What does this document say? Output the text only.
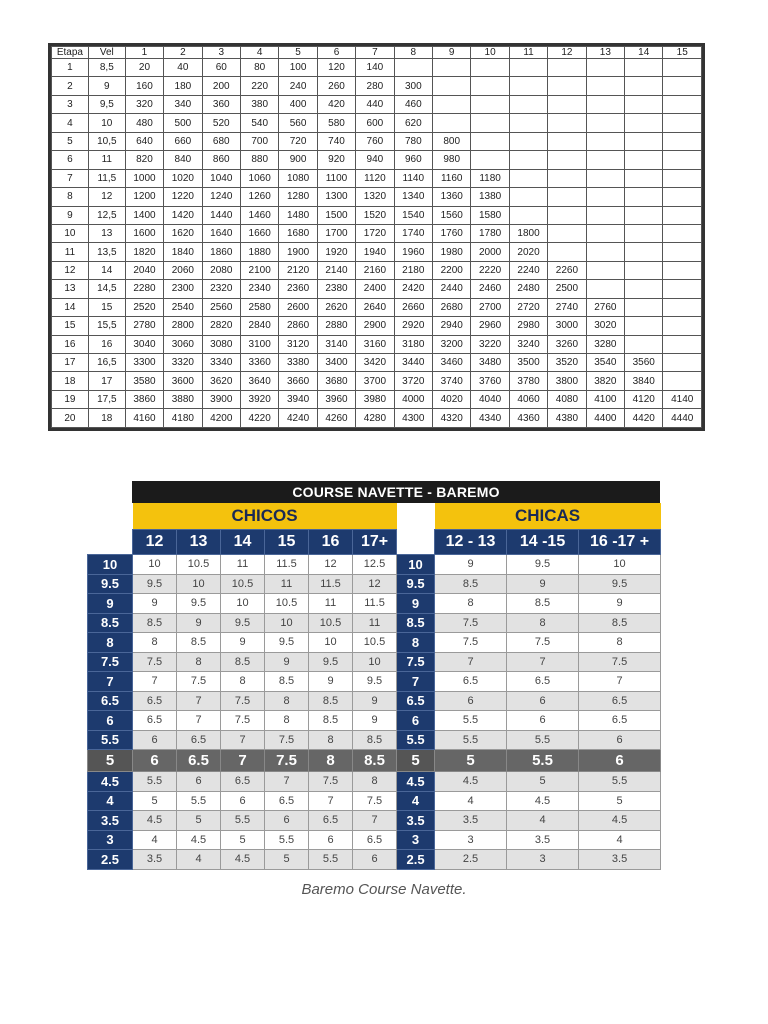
Etapa	Vel	1	2	3	4	5	6	7	8	9	10	11	12	13	14	15
1	8,5	20	40	60	80	100	120	140								
2	9	160	180	200	220	240	260	280	300							
3	9,5	320	340	360	380	400	420	440	460							
4	10	480	500	520	540	560	580	600	620							
5	10,5	640	660	680	700	720	740	760	780	800						
6	11	820	840	860	880	900	920	940	960	980						
7	11,5	1000	1020	1040	1060	1080	1100	1120	1140	1160	1180					
8	12	1200	1220	1240	1260	1280	1300	1320	1340	1360	1380					
9	12,5	1400	1420	1440	1460	1480	1500	1520	1540	1560	1580					
10	13	1600	1620	1640	1660	1680	1700	1720	1740	1760	1780	1800				
11	13,5	1820	1840	1860	1880	1900	1920	1940	1960	1980	2000	2020				
12	14	2040	2060	2080	2100	2120	2140	2160	2180	2200	2220	2240	2260			
13	14,5	2280	2300	2320	2340	2360	2380	2400	2420	2440	2460	2480	2500			
14	15	2520	2540	2560	2580	2600	2620	2640	2660	2680	2700	2720	2740	2760		
15	15,5	2780	2800	2820	2840	2860	2880	2900	2920	2940	2960	2980	3000	3020		
16	16	3040	3060	3080	3100	3120	3140	3160	3180	3200	3220	3240	3260	3280		
17	16,5	3300	3320	3340	3360	3380	3400	3420	3440	3460	3480	3500	3520	3540	3560	
18	17	3580	3600	3620	3640	3660	3680	3700	3720	3740	3760	3780	3800	3820	3840	
19	17,5	3860	3880	3900	3920	3940	3960	3980	4000	4020	4040	4060	4080	4100	4120	4140
20	18	4160	4180	4200	4220	4240	4260	4280	4300	4320	4340	4360	4380	4400	4420	4440
COURSE NAVETTE - BAREMO
	CHICOS							CHICAS		
	12	13	14	15	16	17+		12 - 13	14 -15	16 -17 +
10	10	10.5	11	11.5	12	12.5	10	9	9.5	10
9.5	9.5	10	10.5	11	11.5	12	9.5	8.5	9	9.5
9	9	9.5	10	10.5	11	11.5	9	8	8.5	9
8.5	8.5	9	9.5	10	10.5	11	8.5	7.5	8	8.5
8	8	8.5	9	9.5	10	10.5	8	7.5	7.5	8
7.5	7.5	8	8.5	9	9.5	10	7.5	7	7	7.5
7	7	7.5	8	8.5	9	9.5	7	6.5	6.5	7
6.5	6.5	7	7.5	8	8.5	9	6.5	6	6	6.5
6	6.5	7	7.5	8	8.5	9	6	5.5	6	6.5
5.5	6	6.5	7	7.5	8	8.5	5.5	5.5	5.5	6
5	6	6.5	7	7.5	8	8.5	5	5	5.5	6
4.5	5.5	6	6.5	7	7.5	8	4.5	4.5	5	5.5
4	5	5.5	6	6.5	7	7.5	4	4	4.5	5
3.5	4.5	5	5.5	6	6.5	7	3.5	3.5	4	4.5
3	4	4.5	5	5.5	6	6.5	3	3	3.5	4
2.5	3.5	4	4.5	5	5.5	6	2.5	2.5	3	3.5
Baremo Course Navette.
